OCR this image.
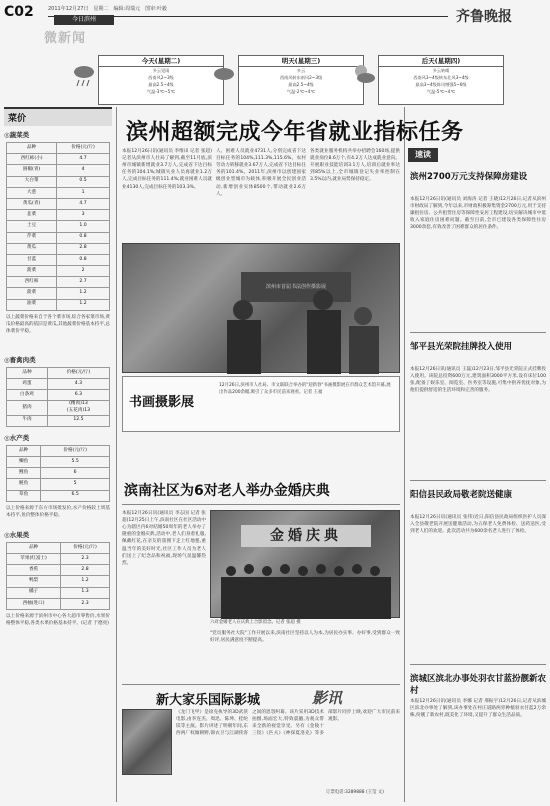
C02	2011年12月27日　星期二　编辑:周瑞元　图审:叶毅
今日滨州
微新闻
齐鲁晚报
今天(星期二)
多云见雨
西南风2~3级
最高2.5~4级
气温-3℃~5℃
明天(星期三)
多云
西南风转东南风2~3级
最高2.5~4级
气温-2℃~4℃
后天(星期四)
多云转晴
西南风3~4级转东北风3~4级
最高3~4级阵风增强5~6级
气温-5℃~4℃
菜价
◎蔬菜类
品种	价格(元/斤)
西红柿(小)	4.7
圆椒(青)	4
大白菜	0.5
大葱	1
黄瓜(青)	4.7
韭菜	3
土豆	1.0
芹菜	0.8
黄瓜	2.8
甘蓝	0.8
菠菜	2
西红柿	2.7
菠菜	1.2
油菜	1.2
以上蔬菜价格来自于各个菜市场,综合各家菜市场,黄瓜价格最高的依旧是黄瓜,其他蔬菜价格基本持平,总体菜价平稳。
◎畜禽肉类
品种	价格(元/斤)
鸡蛋	4.3
白条鸡	6.3
猪肉	(精肉)13
(五花肉)13
牛肉	12.5
◎水产类
品种	价格(元/斤)
鲫鱼	5.5
鲤鱼	6
鲢鱼	5
草鱼	6.5
以上价格来源于东方市场批发价,水产价格较上周基本持平,鱼价整体价格平稳。
◎水果类
品种	价格(元/斤)
苹果(红富士)	2.3
香蕉	2.8
鸭梨	1.2
橘子	1.3
西柚(进口)	2.3
以上价格来源于滨州市中心各大超市零售价,水果价格整体平稳,各类水果价格基本持平。(记者 于德亮)
滨州超额完成今年省就业指标任务
本报12月26日讯(通讯员 李维田 记者 张超)记者从滨州市人社局了解到,截至11月底,滨州市城镇新增就业3.7万人,完成省下达目标任务的104.1%;城镇失业人员再就业1.2万人,完成目标任务的111.4%;就业困难人员就业4130人,完成目标任务的103.3%。
人、困难人员就业4731人,分别完成省下达目标任务的104%,111.3%,115.6%。农村劳动力转移就业3.67万人,完成省下达目标任务的101.4%。2011年,滨州市以创建国家级创业型城市为载体,积极开展全民创业活动,新增创业实体8500个,带动就业2.6万人。
各类就业服务机构共举办招聘会160场,提供就业岗位8.6万个,有4.2万人达成就业意向。开展职业技能培训3.1万人,培训后就业率达到85%以上,全市城镇登记失业率控制在3.5%以内,就业局势保持稳定。
滨州市首届书法创作摄影展
书画摄影展
12月26日,滨州市人社局、市文联联合举办的"迎新春"书画摄影展在市群众艺术馆开幕,展出作品200余幅,吸引了众多市民前来观看。记者 王福
滨南社区为6对老人举办金婚庆典
本报12月26日讯(通讯员 李志国 记者 张超)12月25日上午,滨南社区在社区活动中心为辖区内6对结婚50周年的老人举办了隆重的金婚庆典,活动中,老人们身着礼服,佩戴红花,在亲友的簇拥下走上红地毯,重温当年的美好时光,社区工作人员为老人们送上了纪念品和祝福,现场气氛温馨热烈。
金婚庆典
六对金婚老人在庆典上合影留念。记者 张超 摄
"党员服务社大院"工作开展以来,滨南社区坚持以人为本,为居民办实事、办好事,受到群众一致好评,居民满意度不断提高。
新大家乐国际影城	影讯
《龙门飞甲》是徐克执导的3D武侠电影,由李连杰、周迅、陈坤、桂纶镁等主演。影片讲述了明朝年间,东西两厂权倾朝野,锦衣卫与江湖侠客之间的恩怨纠葛。该片采用3D技术拍摄,场面宏大,特效震撼,为观众带来全新的视觉享受。另有《金陵十三钗》《匹夫》《神探夏洛克》等多部影片同步上映,欢迎广大市民前来观影。
订票电话:3289888 (王莹 文)
速读
滨州2700万元支持保障房建设
本报12月26日讯(通讯员 刘海涛 记者 王晓)12月26日,记者从滨州市财政局了解到,今年以来,市财政积极筹集资金2700万元,用于支持廉租住房、公共租赁住房等保障性安居工程建设,切实解决城市中低收入家庭住房困难问题。截至目前,全市已建设各类保障性住房3000余套,有效改善了困难群众的居住条件。
邹平县光荣院挂牌投入使用
本报12月26日讯(通讯员 王磊)12月23日,邹平县光荣院正式挂牌投入使用。该院总投资600万元,建筑面积3000平方米,设有床位100张,配备了娱乐室、阅览室、医务室等设施,可集中供养优抚对象,为他们提供舒适的生活环境和完善的服务。
阳信县民政局敬老院送健康
本报12月26日讯(通讯员 张伟)近日,阳信县民政局组织医护人员深入全县敬老院开展送健康活动,为五保老人免费体检、送药送医,受到老人们的欢迎。此次活动共为600余名老人进行了体检。
滨城区滨北办事处羽衣甘蓝扮靓新农村
本报12月26日讯(通讯员 李娜 记者 邢振宇)12月26日,记者从滨城区滨北办事处了解到,该办事处在村庄道路两旁种植羽衣甘蓝2万余株,扮靓了新农村,既美化了环境,又提升了群众生活品质。
